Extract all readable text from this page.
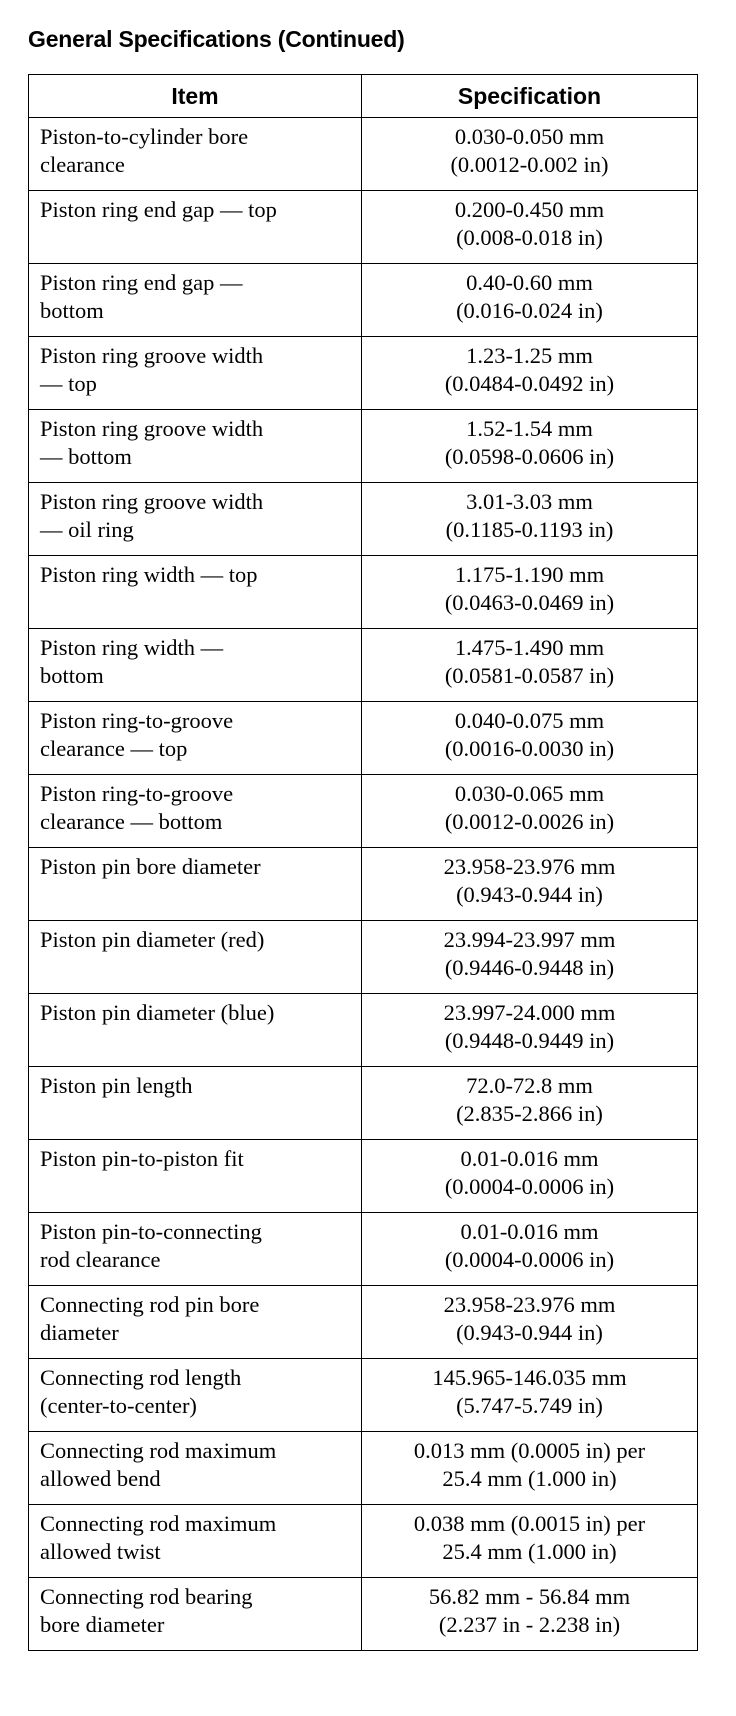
General Specifications (Continued)
Item	Specification

Piston-to-cylinder bore
clearance	0.030-0.050 mm
(0.0012-0.002 in)

Piston ring end gap — top	0.200-0.450 mm
(0.008-0.018 in)

Piston ring end gap —
bottom	0.40-0.60 mm
(0.016-0.024 in)

Piston ring groove width
— top	1.23-1.25 mm
(0.0484-0.0492 in)

Piston ring groove width
— bottom	1.52-1.54 mm
(0.0598-0.0606 in)

Piston ring groove width
— oil ring	3.01-3.03 mm
(0.1185-0.1193 in)

Piston ring width — top	1.175-1.190 mm
(0.0463-0.0469 in)

Piston ring width —
bottom	1.475-1.490 mm
(0.0581-0.0587 in)

Piston ring-to-groove
clearance — top	0.040-0.075 mm
(0.0016-0.0030 in)

Piston ring-to-groove
clearance — bottom	0.030-0.065 mm
(0.0012-0.0026 in)

Piston pin bore diameter	23.958-23.976 mm
(0.943-0.944 in)

Piston pin diameter (red)	23.994-23.997 mm
(0.9446-0.9448 in)

Piston pin diameter (blue)	23.997-24.000 mm
(0.9448-0.9449 in)

Piston pin length	72.0-72.8 mm
(2.835-2.866 in)

Piston pin-to-piston fit	0.01-0.016 mm
(0.0004-0.0006 in)

Piston pin-to-connecting
rod clearance	0.01-0.016 mm
(0.0004-0.0006 in)

Connecting rod pin bore
diameter	23.958-23.976 mm
(0.943-0.944 in)

Connecting rod length
(center-to-center)	145.965-146.035 mm
(5.747-5.749 in)

Connecting rod maximum
allowed bend	0.013 mm (0.0005 in) per
25.4 mm (1.000 in)

Connecting rod maximum
allowed twist	0.038 mm (0.0015 in) per
25.4 mm (1.000 in)

Connecting rod bearing
bore diameter	56.82 mm - 56.84 mm
(2.237 in - 2.238 in)
